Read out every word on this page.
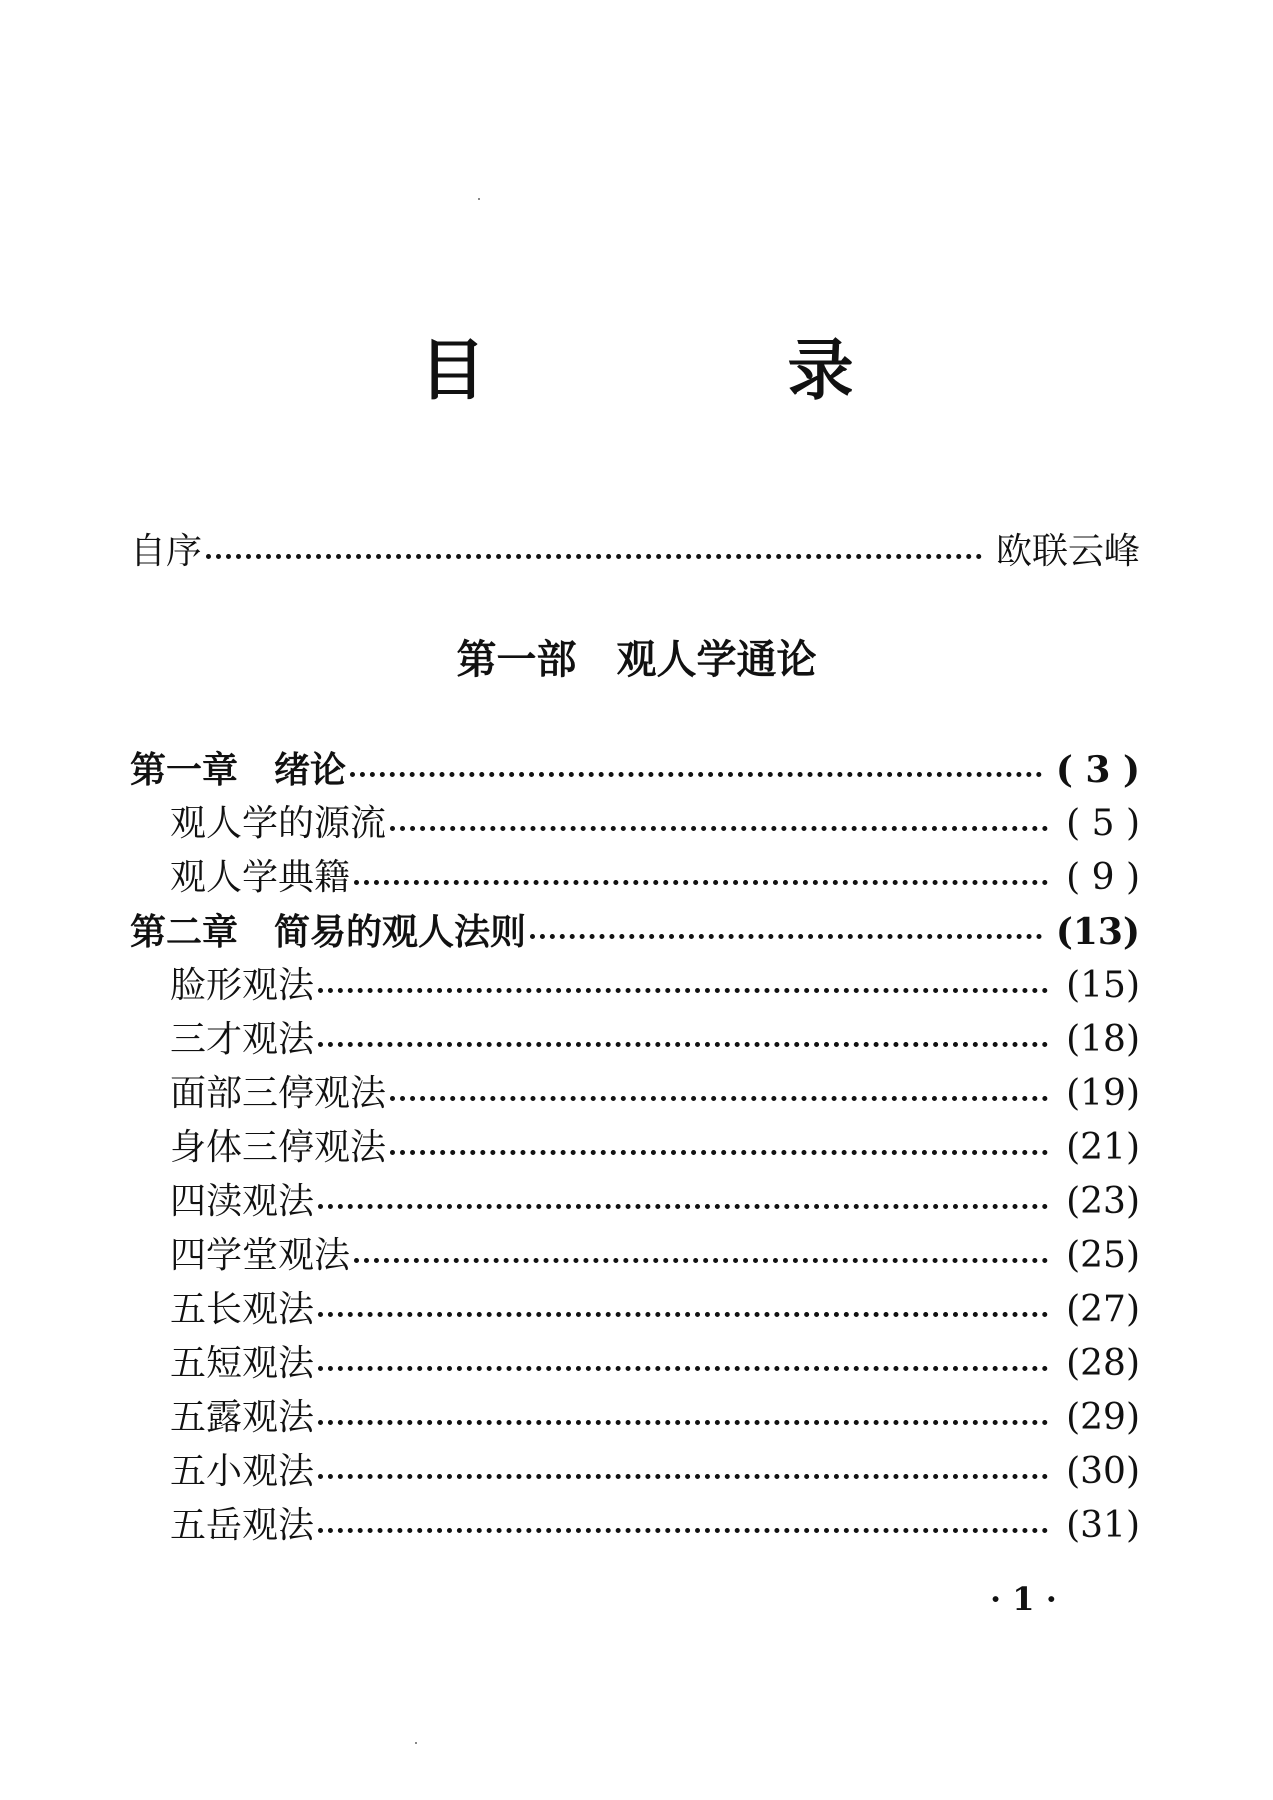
目　录
自序	欧联云峰
第一部　观人学通论
第一章　绪论	( 3 )
观人学的源流	( 5 )
观人学典籍	( 9 )
第二章　简易的观人法则	(13)
脸形观法	(15)
三才观法	(18)
面部三停观法	(19)
身体三停观法	(21)
四渎观法	(23)
四学堂观法	(25)
五长观法	(27)
五短观法	(28)
五露观法	(29)
五小观法	(30)
五岳观法	(31)
· 1 ·
